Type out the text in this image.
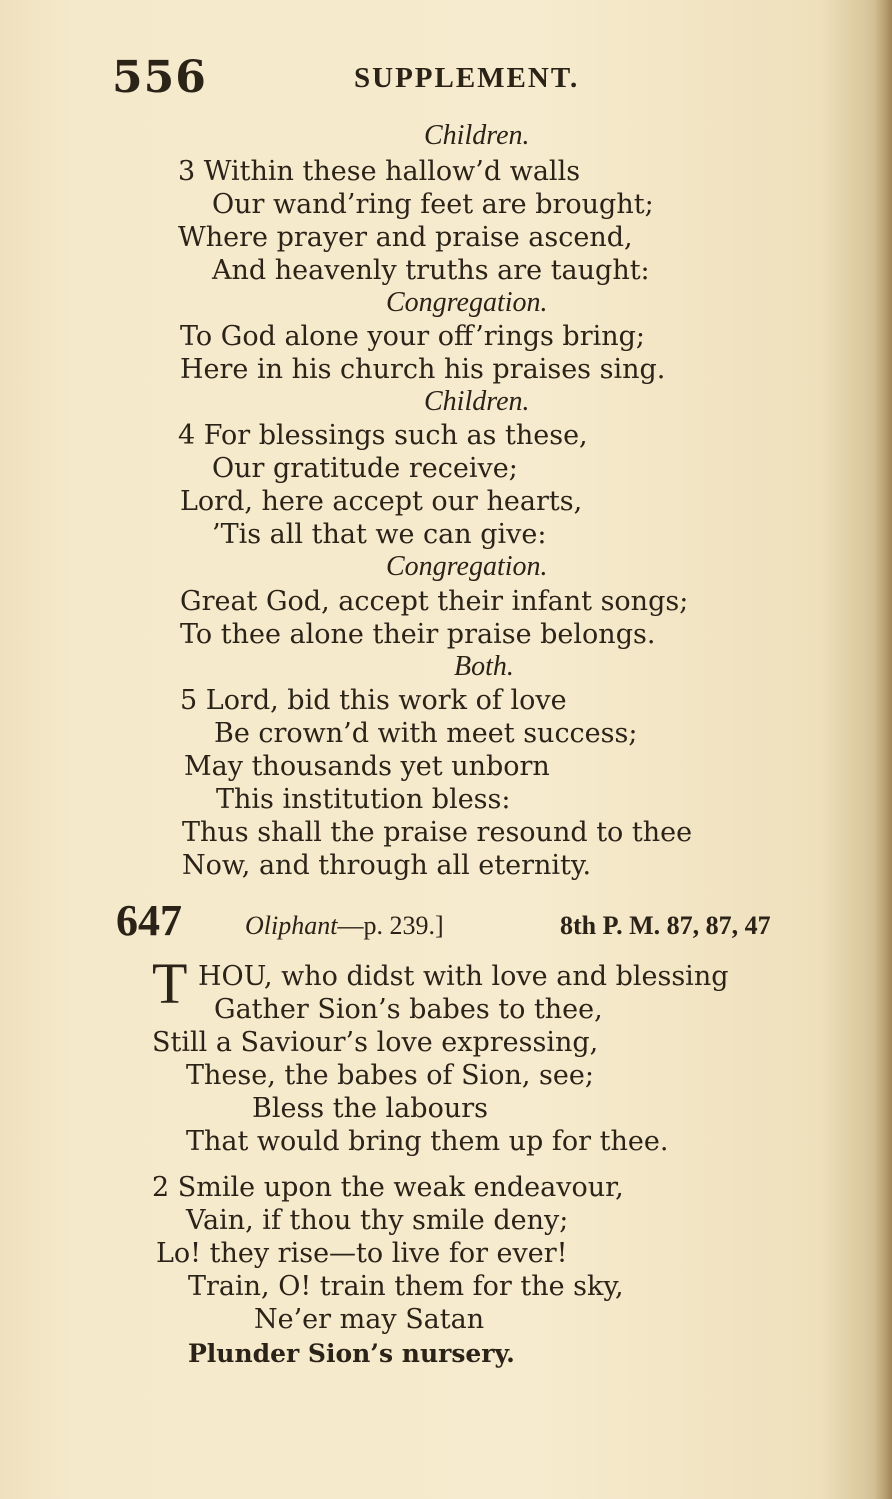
556	SUPPLEMENT.
Children.
3 Within these hallow’d walls
Our wand’ring feet are brought;
Where prayer and praise ascend,
And heavenly truths are taught:
Congregation.
To God alone your off’rings bring;
Here in his church his praises sing.
Children.
4 For blessings such as these,
Our gratitude receive;
Lord, here accept our hearts,
’Tis all that we can give:
Congregation.
Great God, accept their infant songs;
To thee alone their praise belongs.
Both.
5 Lord, bid this work of love
Be crown’d with meet success;
May thousands yet unborn
This institution bless:
Thus shall the praise resound to thee
Now, and through all eternity.
647 Oliphant—p. 239.]	8th P. M. 87, 87, 47
T HOU, who didst with love and blessing
Gather Sion’s babes to thee,
Still a Saviour’s love expressing,
These, the babes of Sion, see;
Bless the labours
That would bring them up for thee.
2 Smile upon the weak endeavour,
Vain, if thou thy smile deny;
Lo! they rise—to live for ever!
Train, O! train them for the sky,
Ne’er may Satan
Plunder Sion’s nursery.
